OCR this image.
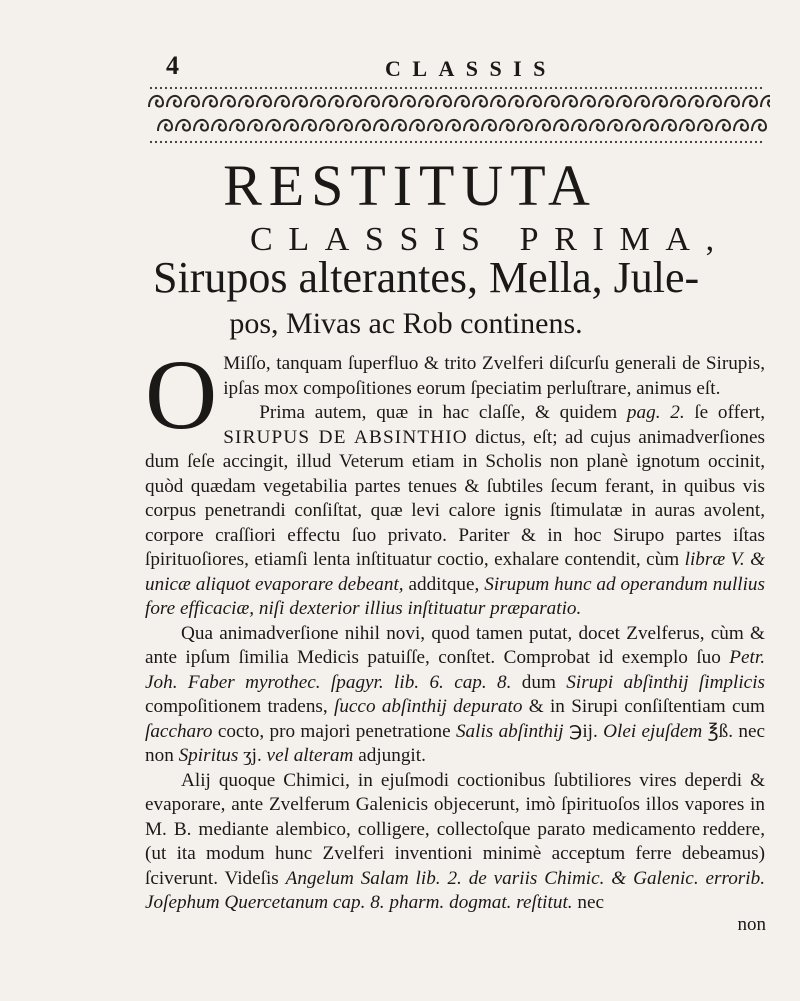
4	CLASSIS
RESTITUTA
CLASSIS PRIMA,
Sirupos alterantes, Mella, Jule-
pos, Mivas ac Rob continens.

O Miſſo, tanquam ſuperfluo & trito Zvelferi diſcurſu generali de Sirupis, ipſas mox compoſitiones eorum ſpeciatim perluſtrare, animus eſt.

Prima autem, quæ in hac claſſe, & quidem pag. 2. ſe offert, SIRUPUS DE ABSINTHIO dictus, eſt; ad cujus animadverſiones dum ſeſe accingit, illud Veterum etiam in Scholis non planè ignotum occinit, quòd quædam vegetabilia partes tenues & ſubtiles ſecum ferant, in quibus vis corpus penetrandi conſiſtat, quæ levi calore ignis ſtimulatæ in auras avolent, corpore craſſiori effectu ſuo privato. Pariter & in hoc Sirupo partes iſtas ſpirituoſiores, etiamſi lenta inſtituatur coctio, exhalare contendit, cùm libræ V. & unicæ aliquot evaporare debeant, additque, Sirupum hunc ad operandum nullius fore efficaciæ, niſi dexterior illius inſtituatur præparatio.

Qua animadverſione nihil novi, quod tamen putat, docet Zvelferus, cùm & ante ipſum ſimilia Medicis patuiſſe, conſtet. Comprobat id exemplo ſuo Petr. Joh. Faber myrothec. ſpagyr. lib. 6. cap. 8. dum Sirupi abſinthij ſimplicis compoſitionem tradens, ſucco abſinthij depurato & in Sirupi conſiſtentiam cum ſaccharo cocto, pro majori penetratione Salis abſinthij ℈ij. Olei ejuſdem ℥ß. nec non Spiritus ʒj. vel alteram adjungit.

Alij quoque Chimici, in ejuſmodi coctionibus ſubtiliores vires deperdi & evaporare, ante Zvelferum Galenicis objecerunt, imò ſpirituoſos illos vapores in M. B. mediante alembico, colligere, collectoſque parato medicamento reddere, (ut ita modum hunc Zvelferi inventioni minimè acceptum ferre debeamus) ſciverunt. Videſis Angelum Salam lib. 2. de variis Chimic. & Galenic. errorib. Joſephum Quercetanum cap. 8. pharm. dogmat. reſtitut. nec

non
